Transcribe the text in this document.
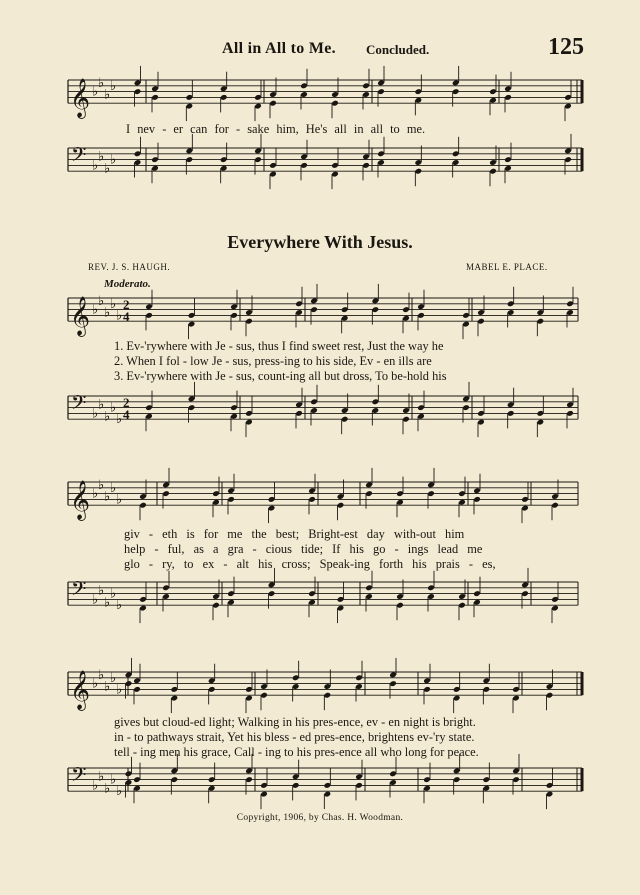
All in All to Me. Concluded.	125
Everywhere With Jesus.
REV. J. S. HAUGH.	MABEL E. PLACE.
Moderato.
𝄞 ♭
♭
♭
♭
𝄢 ♭
♭
♭
♭
𝄞 ♭
♭
♭
♭
♭
2
4
𝄢 ♭
♭
♭
♭
♭
2
4
𝄞 ♭
♭
♭
♭
♭
𝄢 ♭
♭
♭
♭
♭
𝄞 ♭
♭
♭
♭
♭
𝄢 ♭
♭
♭
♭
♭
I nev - er can for - sake him, He's all in all to me.
1. Ev-'rywhere with Je - sus, thus I find sweet rest, Just the way he
2. When I fol - low Je - sus, press-ing to his side, Ev - en ills are
3. Ev-'rywhere with Je - sus, count-ing all but dross, To be-hold his
giv - eth is for me the best; Bright-est day with-out him
help - ful, as a gra - cious tide; If his go - ings lead me
glo - ry, to ex - alt his cross; Speak-ing forth his prais - es,
gives but cloud-ed light; Walking in his pres-ence, ev - en night is bright.
in - to pathways strait, Yet his bless - ed pres-ence, brightens ev-'ry state.
tell - ing men his grace, Call - ing to his pres-ence all who long for peace.
Copyright, 1906, by Chas. H. Woodman.
